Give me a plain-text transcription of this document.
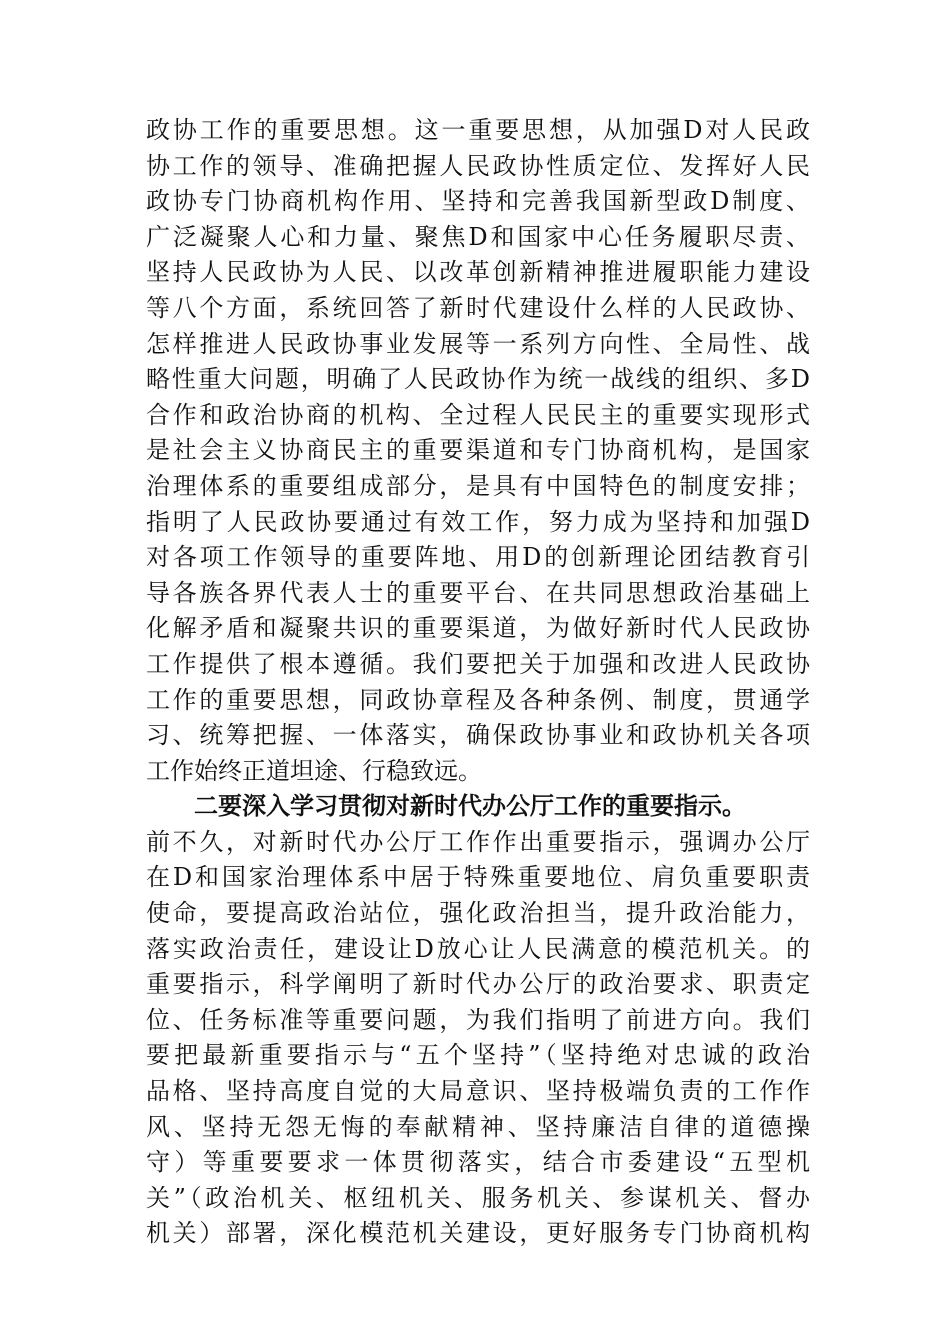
政协工作的重要思想。这一重要思想，从加强D对人民政
协工作的领导、准确把握人民政协性质定位、发挥好人民
政协专门协商机构作用、坚持和完善我国新型政D制度、
广泛凝聚人心和力量、聚焦D和国家中心任务履职尽责、
坚持人民政协为人民、以改革创新精神推进履职能力建设
等八个方面，系统回答了新时代建设什么样的人民政协、
怎样推进人民政协事业发展等一系列方向性、全局性、战
略性重大问题，明确了人民政协作为统一战线的组织、多D
合作和政治协商的机构、全过程人民民主的重要实现形式
是社会主义协商民主的重要渠道和专门协商机构，是国家
治理体系的重要组成部分，是具有中国特色的制度安排；
指明了人民政协要通过有效工作，努力成为坚持和加强D
对各项工作领导的重要阵地、用D的创新理论团结教育引
导各族各界代表人士的重要平台、在共同思想政治基础上
化解矛盾和凝聚共识的重要渠道，为做好新时代人民政协
工作提供了根本遵循。我们要把关于加强和改进人民政协
工作的重要思想，同政协章程及各种条例、制度，贯通学
习、统筹把握、一体落实，确保政协事业和政协机关各项
工作始终正道坦途、行稳致远。
二要深入学习贯彻对新时代办公厅工作的重要指示。
前不久，对新时代办公厅工作作出重要指示，强调办公厅
在D和国家治理体系中居于特殊重要地位、肩负重要职责
使命，要提高政治站位，强化政治担当，提升政治能力，
落实政治责任，建设让D放心让人民满意的模范机关。的
重要指示，科学阐明了新时代办公厅的政治要求、职责定
位、任务标准等重要问题，为我们指明了前进方向。我们
要把最新重要指示与“五个坚持”（坚持绝对忠诚的政治
品格、坚持高度自觉的大局意识、坚持极端负责的工作作
风、坚持无怨无悔的奉献精神、坚持廉洁自律的道德操
守）等重要要求一体贯彻落实，结合市委建设“五型机
关”（政治机关、枢纽机关、服务机关、参谋机关、督办
机关）部署，深化模范机关建设，更好服务专门协商机构
